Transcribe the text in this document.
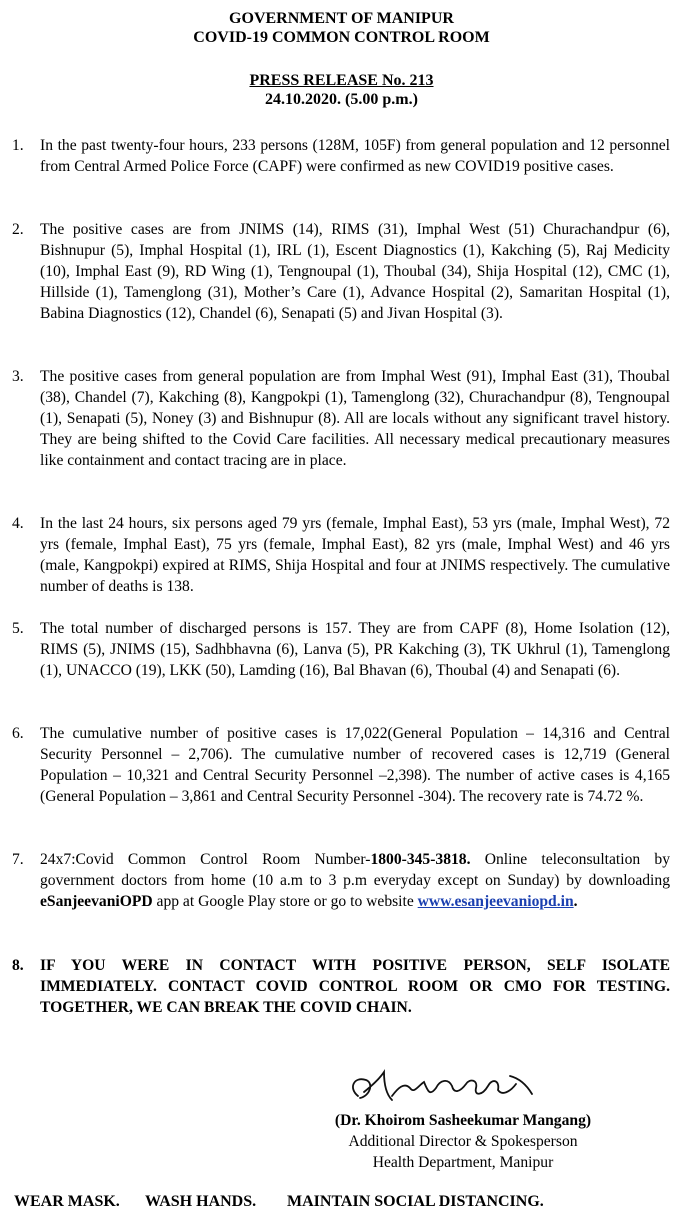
GOVERNMENT OF MANIPUR
COVID-19 COMMON CONTROL ROOM
PRESS RELEASE No. 213
24.10.2020. (5.00 p.m.)
1.	In the past twenty-four hours, 233 persons (128M, 105F) from general population and 12 personnel from Central Armed Police Force (CAPF) were confirmed as new COVID19 positive cases.
2.	The positive cases are from JNIMS (14), RIMS (31), Imphal West (51) Churachandpur (6), Bishnupur (5), Imphal Hospital (1), IRL (1), Escent Diagnostics (1), Kakching (5), Raj Medicity (10), Imphal East (9), RD Wing (1), Tengnoupal (1), Thoubal (34), Shija Hospital (12), CMC (1), Hillside (1), Tamenglong (31), Mother’s Care (1), Advance Hospital (2), Samaritan Hospital (1), Babina Diagnostics (12), Chandel (6), Senapati (5) and Jivan Hospital (3).
3.	The positive cases from general population are from Imphal West (91), Imphal East (31), Thoubal (38), Chandel (7), Kakching (8), Kangpokpi (1), Tamenglong (32), Churachandpur (8), Tengnoupal (1), Senapati (5), Noney (3) and Bishnupur (8). All are locals without any significant travel history. They are being shifted to the Covid Care facilities. All necessary medical precautionary measures like containment and contact tracing are in place.
4.	In the last 24 hours, six persons aged 79 yrs (female, Imphal East), 53 yrs (male, Imphal West), 72 yrs (female, Imphal East), 75 yrs (female, Imphal East), 82 yrs (male, Imphal West) and 46 yrs (male, Kangpokpi) expired at RIMS, Shija Hospital and four at JNIMS respectively. The cumulative number of deaths is 138.
5.	The total number of discharged persons is 157. They are from CAPF (8), Home Isolation (12), RIMS (5), JNIMS (15), Sadhbhavna (6), Lanva (5), PR Kakching (3), TK Ukhrul (1), Tamenglong (1), UNACCO (19), LKK (50), Lamding (16), Bal Bhavan (6), Thoubal (4) and Senapati (6).
6.	The cumulative number of positive cases is 17,022(General Population – 14,316 and Central Security Personnel – 2,706). The cumulative number of recovered cases is 12,719 (General Population – 10,321 and Central Security Personnel –2,398). The number of active cases is 4,165 (General Population – 3,861 and Central Security Personnel -304). The recovery rate is 74.72 %.
7.	24x7:Covid Common Control Room Number-1800-345-3818. Online teleconsultation by government doctors from home (10 a.m to 3 p.m everyday except on Sunday) by downloading eSanjeevaniOPD app at Google Play store or go to website www.esanjeevaniopd.in.
8.	IF YOU WERE IN CONTACT WITH POSITIVE PERSON, SELF ISOLATE IMMEDIATELY. CONTACT COVID CONTROL ROOM OR CMO FOR TESTING. TOGETHER, WE CAN BREAK THE COVID CHAIN.
(Dr. Khoirom Sasheekumar Mangang)
Additional Director & Spokesperson
Health Department, Manipur
WEAR MASK. WASH HANDS. MAINTAIN SOCIAL DISTANCING.
